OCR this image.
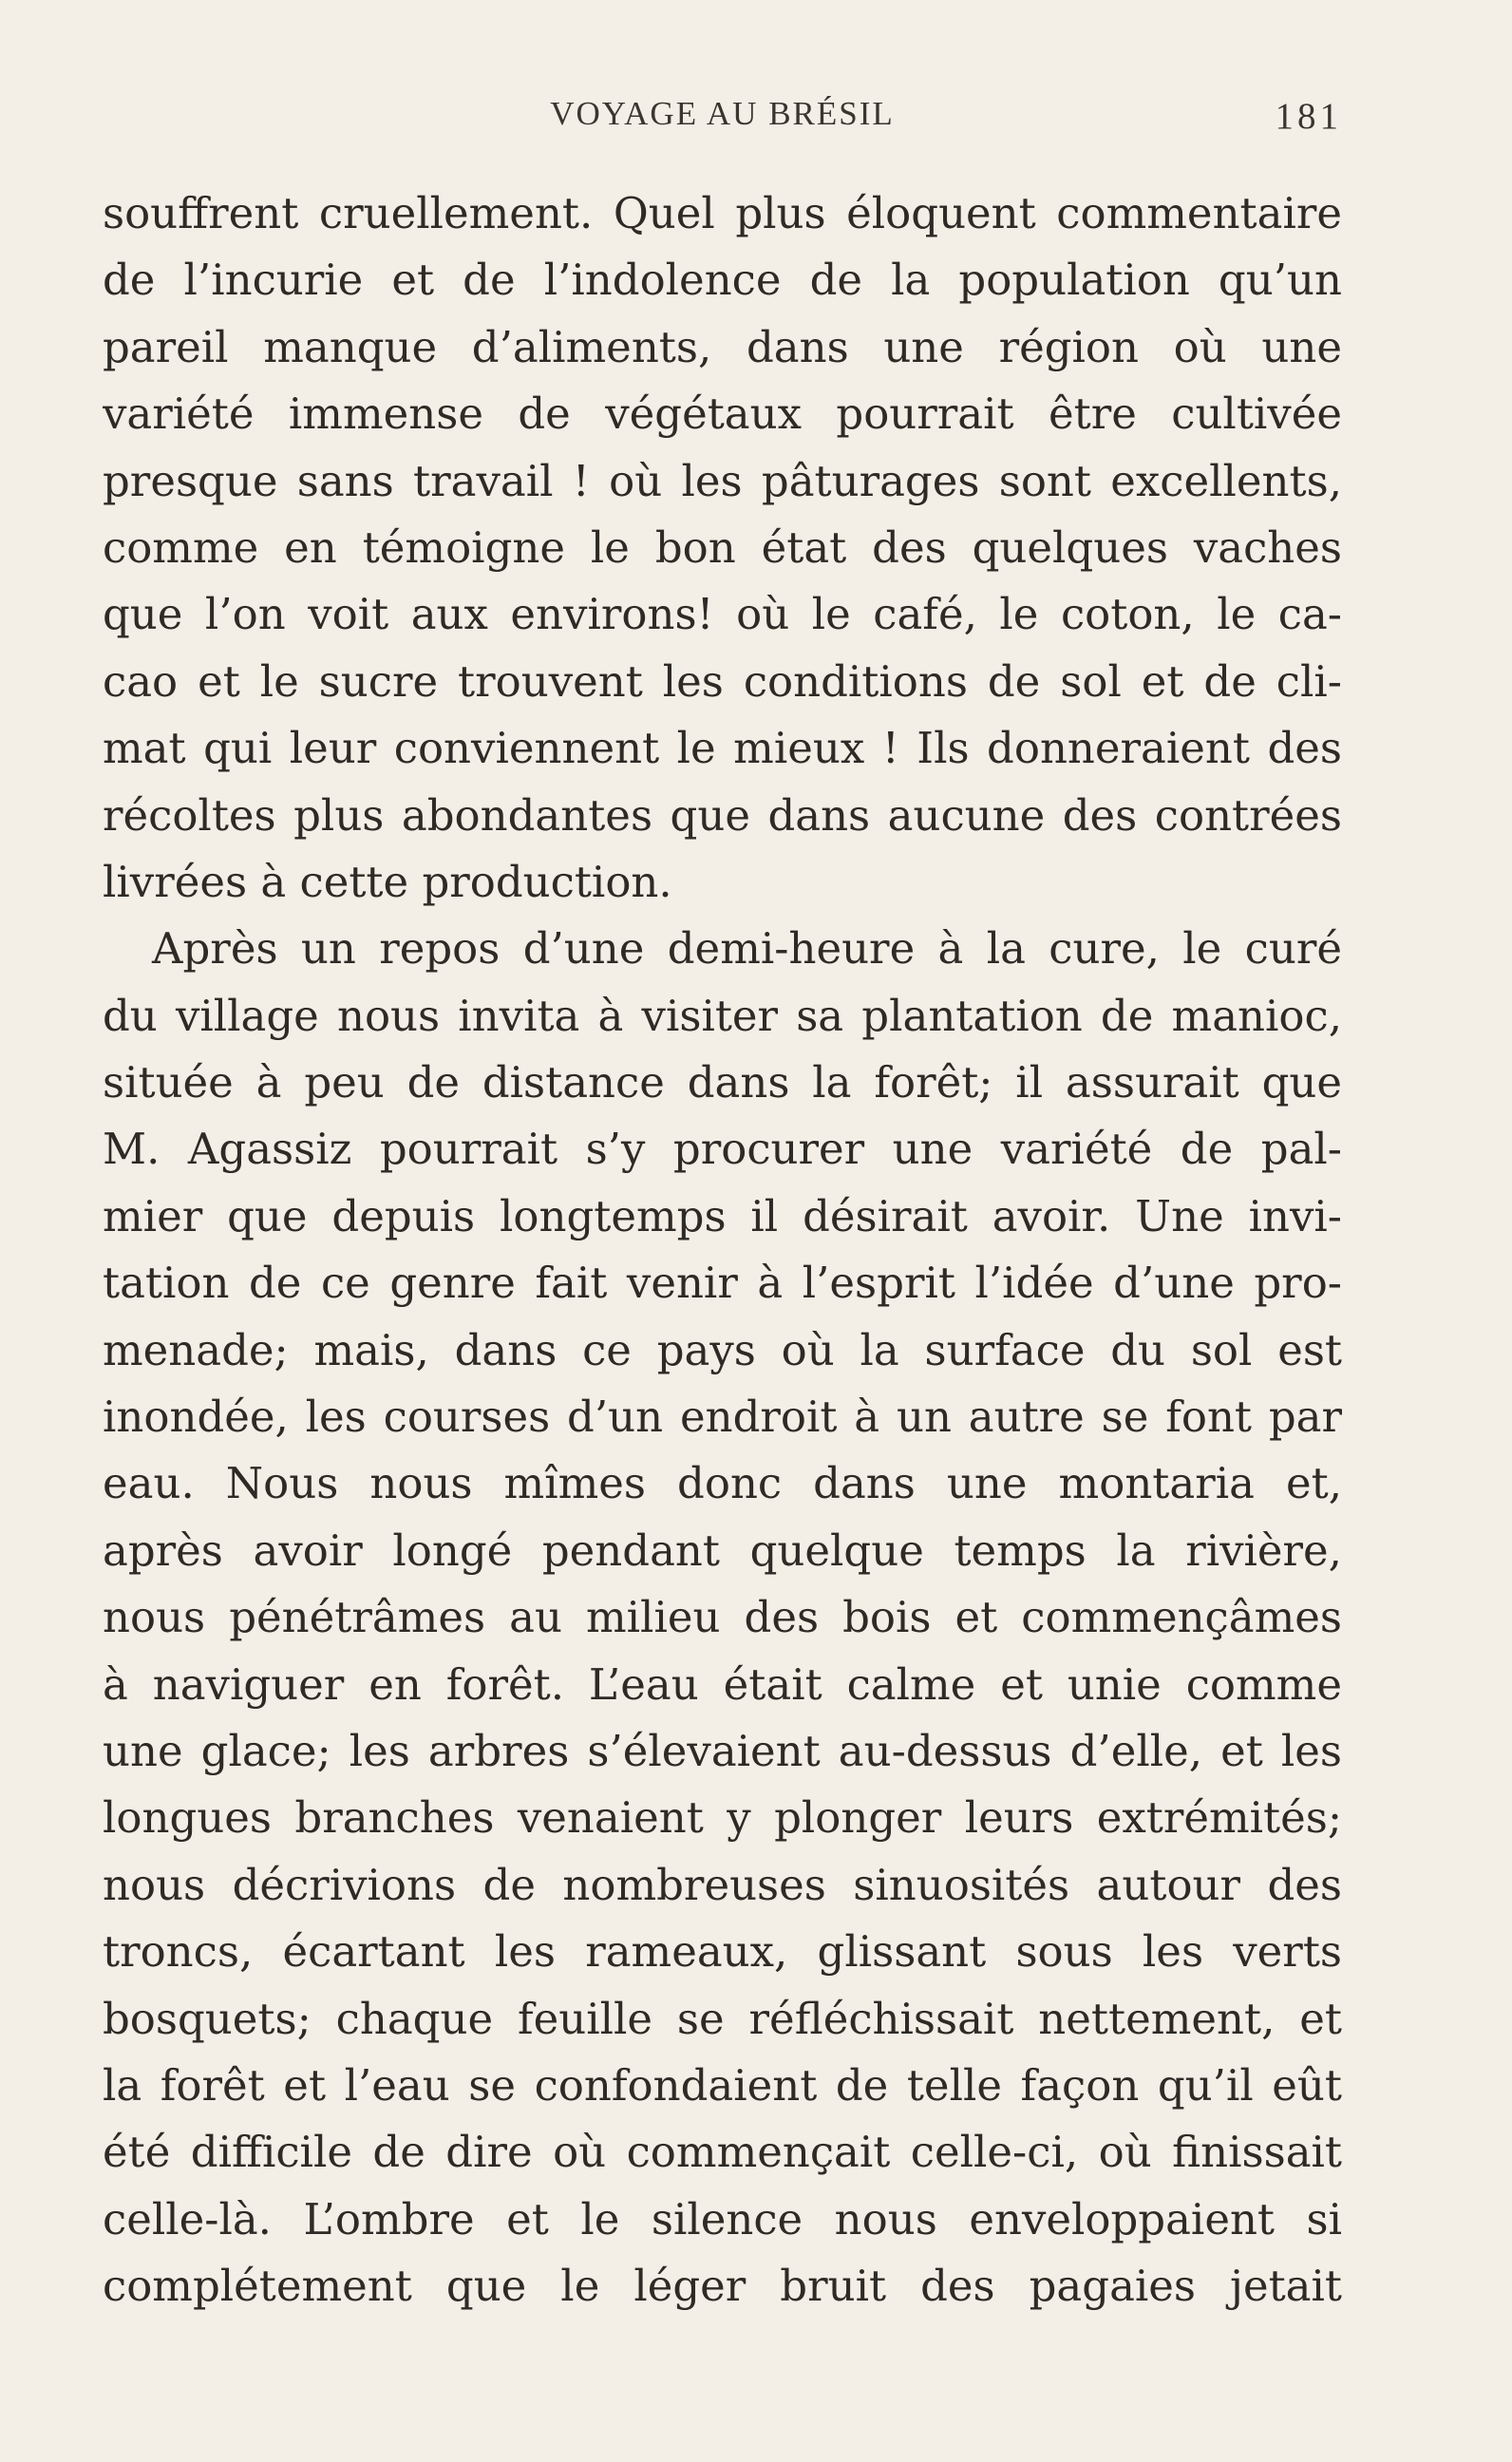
VOYAGE AU BRÉSIL	181
souffrent cruellement. Quel plus éloquent commentaire
de l’incurie et de l’indolence de la population qu’un
pareil manque d’aliments, dans une région où une
variété immense de végétaux pourrait être cultivée
presque sans travail ! où les pâturages sont excellents,
comme en témoigne le bon état des quelques vaches
que l’on voit aux environs! où le café, le coton, le ca-
cao et le sucre trouvent les conditions de sol et de cli-
mat qui leur conviennent le mieux ! Ils donneraient des
récoltes plus abondantes que dans aucune des contrées
livrées à cette production.
Après un repos d’une demi-heure à la cure, le curé
du village nous invita à visiter sa plantation de manioc,
située à peu de distance dans la forêt; il assurait que
M. Agassiz pourrait s’y procurer une variété de pal-
mier que depuis longtemps il désirait avoir. Une invi-
tation de ce genre fait venir à l’esprit l’idée d’une pro-
menade; mais, dans ce pays où la surface du sol est
inondée, les courses d’un endroit à un autre se font par
eau. Nous nous mîmes donc dans une montaria et,
après avoir longé pendant quelque temps la rivière,
nous pénétrâmes au milieu des bois et commençâmes
à naviguer en forêt. L’eau était calme et unie comme
une glace; les arbres s’élevaient au-dessus d’elle, et les
longues branches venaient y plonger leurs extrémités;
nous décrivions de nombreuses sinuosités autour des
troncs, écartant les rameaux, glissant sous les verts
bosquets; chaque feuille se réfléchissait nettement, et
la forêt et l’eau se confondaient de telle façon qu’il eût
été difficile de dire où commençait celle-ci, où finissait
celle-là. L’ombre et le silence nous enveloppaient si
complétement que le léger bruit des pagaies jetait
